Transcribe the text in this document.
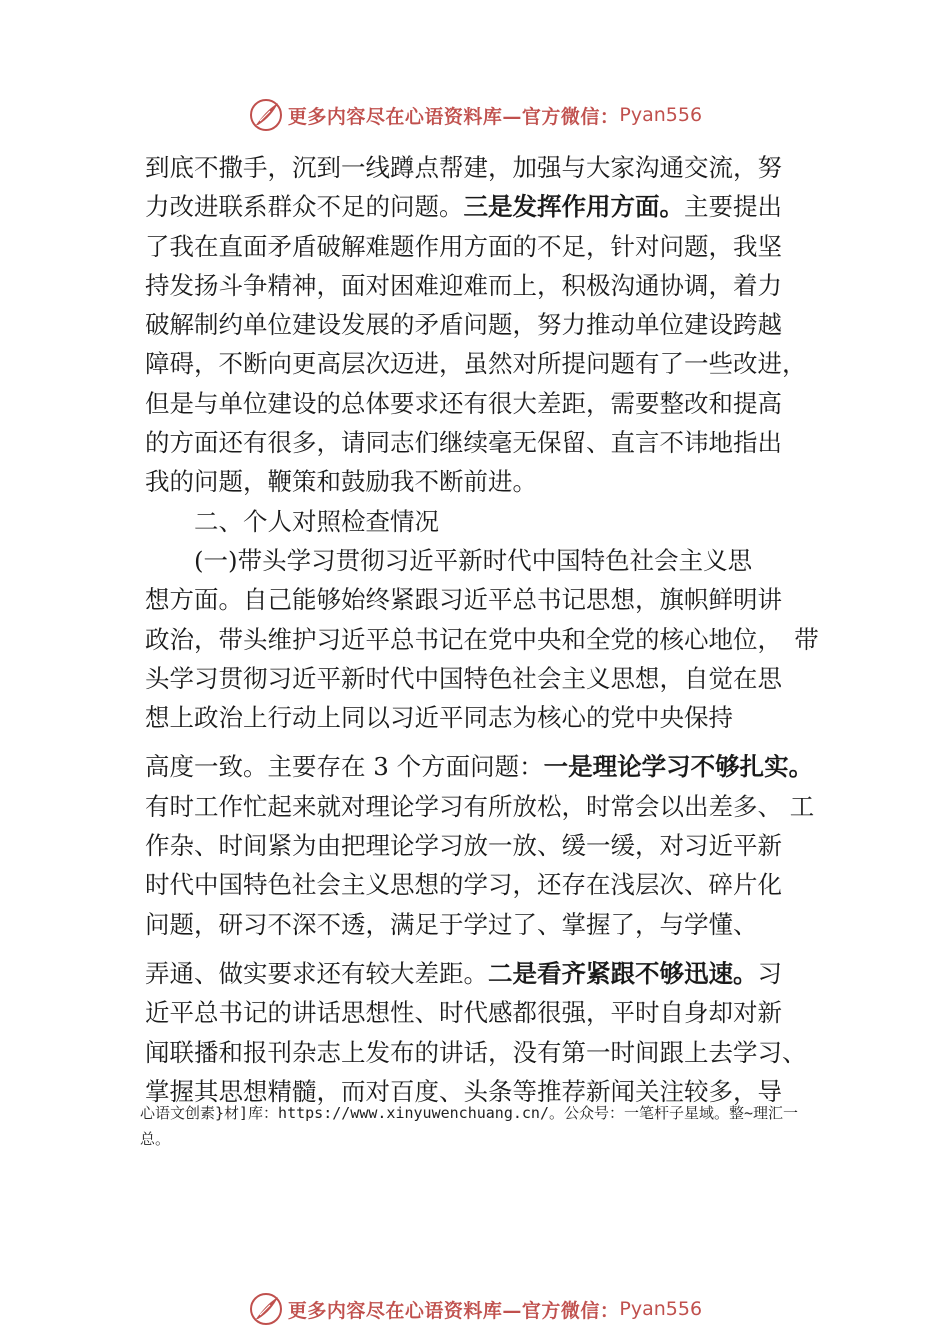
更多内容尽在心语资料库—官方微信： Pyan556
到底不撒手，沉到一线蹲点帮建，加强与大家沟通交流，努
力改进联系群众不足的问题。三是发挥作用方面。主要提出
了我在直面矛盾破解难题作用方面的不足，针对问题，我坚
持发扬斗争精神，面对困难迎难而上，积极沟通协调，着力
破解制约单位建设发展的矛盾问题，努力推动单位建设跨越
障碍，不断向更高层次迈进，虽然对所提问题有了一些改进，
但是与单位建设的总体要求还有很大差距，需要整改和提高
的方面还有很多，请同志们继续毫无保留、直言不讳地指出
我的问题，鞭策和鼓励我不断前进。
二、个人对照检查情况
(一)带头学习贯彻习近平新时代中国特色社会主义思
想方面。自己能够始终紧跟习近平总书记思想，旗帜鲜明讲
政治，带头维护习近平总书记在党中央和全党的核心地位，　带
头学习贯彻习近平新时代中国特色社会主义思想，自觉在思
想上政治上行动上同以习近平同志为核心的党中央保持
高度一致。主要存在 3 个方面问题：一是理论学习不够扎实。
有时工作忙起来就对理论学习有所放松，时常会以出差多、 工
作杂、时间紧为由把理论学习放一放、缓一缓，对习近平新
时代中国特色社会主义思想的学习，还存在浅层次、碎片化
问题，研习不深不透，满足于学过了、掌握了，与学懂、
弄通、做实要求还有较大差距。二是看齐紧跟不够迅速。习
近平总书记的讲话思想性、时代感都很强，平时自身却对新
闻联播和报刊杂志上发布的讲话，没有第一时间跟上去学习、
掌握其思想精髓，而对百度、头条等推荐新闻关注较多，导
心语文创素}材]库：https://www.xinyuwenchuang.cn/。公众号：一笔杆子星域。整~理汇一总。
更多内容尽在心语资料库—官方微信： Pyan556
